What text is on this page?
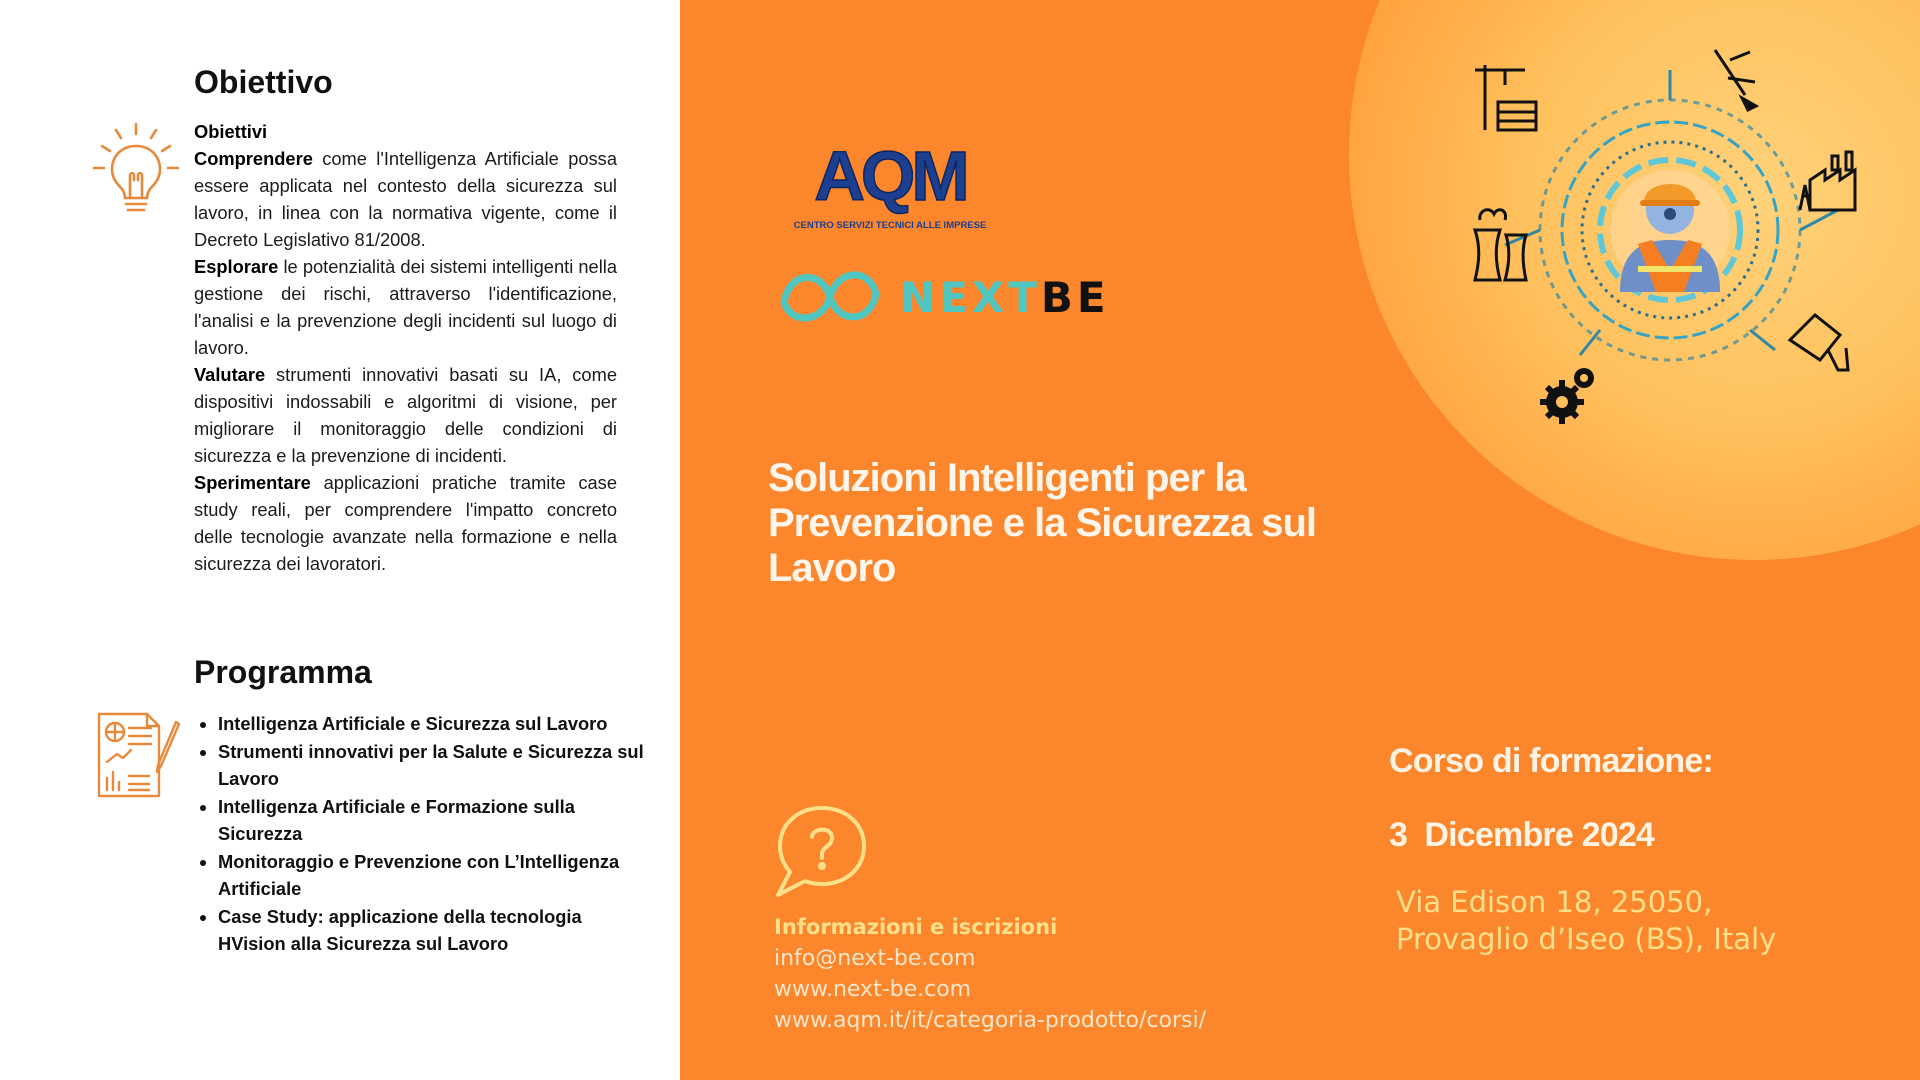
Obiettivo

Obiettivi

Comprendere come l'Intelligenza Artificiale possa essere applicata nel contesto della sicurezza sul lavoro, in linea con la normativa vigente, come il Decreto Legislativo 81/2008.

Esplorare le potenzialità dei sistemi intelligenti nella gestione dei rischi, attraverso l'identificazione, l'analisi e la prevenzione degli incidenti sul luogo di lavoro.

Valutare strumenti innovativi basati su IA, come dispositivi indossabili e algoritmi di visione, per migliorare il monitoraggio delle condizioni di sicurezza e la prevenzione di incidenti.

Sperimentare applicazioni pratiche tramite case study reali, per comprendere l'impatto concreto delle tecnologie avanzate nella formazione e nella sicurezza dei lavoratori.

Programma
• Intelligenza Artificiale e Sicurezza sul Lavoro
• Strumenti innovativi per la Salute e Sicurezza sul Lavoro
• Intelligenza Artificiale e Formazione sulla Sicurezza
• Monitoraggio e Prevenzione con L’Intelligenza Artificiale
• Case Study: applicazione della tecnologia HVision alla Sicurezza sul Lavoro
AQM
CENTRO SERVIZI TECNICI ALLE IMPRESE
NEXTBE
Soluzioni Intelligenti per la Prevenzione e la Sicurezza sul Lavoro
Informazioni e iscrizioni
info@next-be.com
www.next-be.com
www.aqm.it/it/categoria-prodotto/corsi/
Corso di formazione:
3  Dicembre 2024
Via Edison 18, 25050,
Provaglio d’Iseo (BS), Italy
